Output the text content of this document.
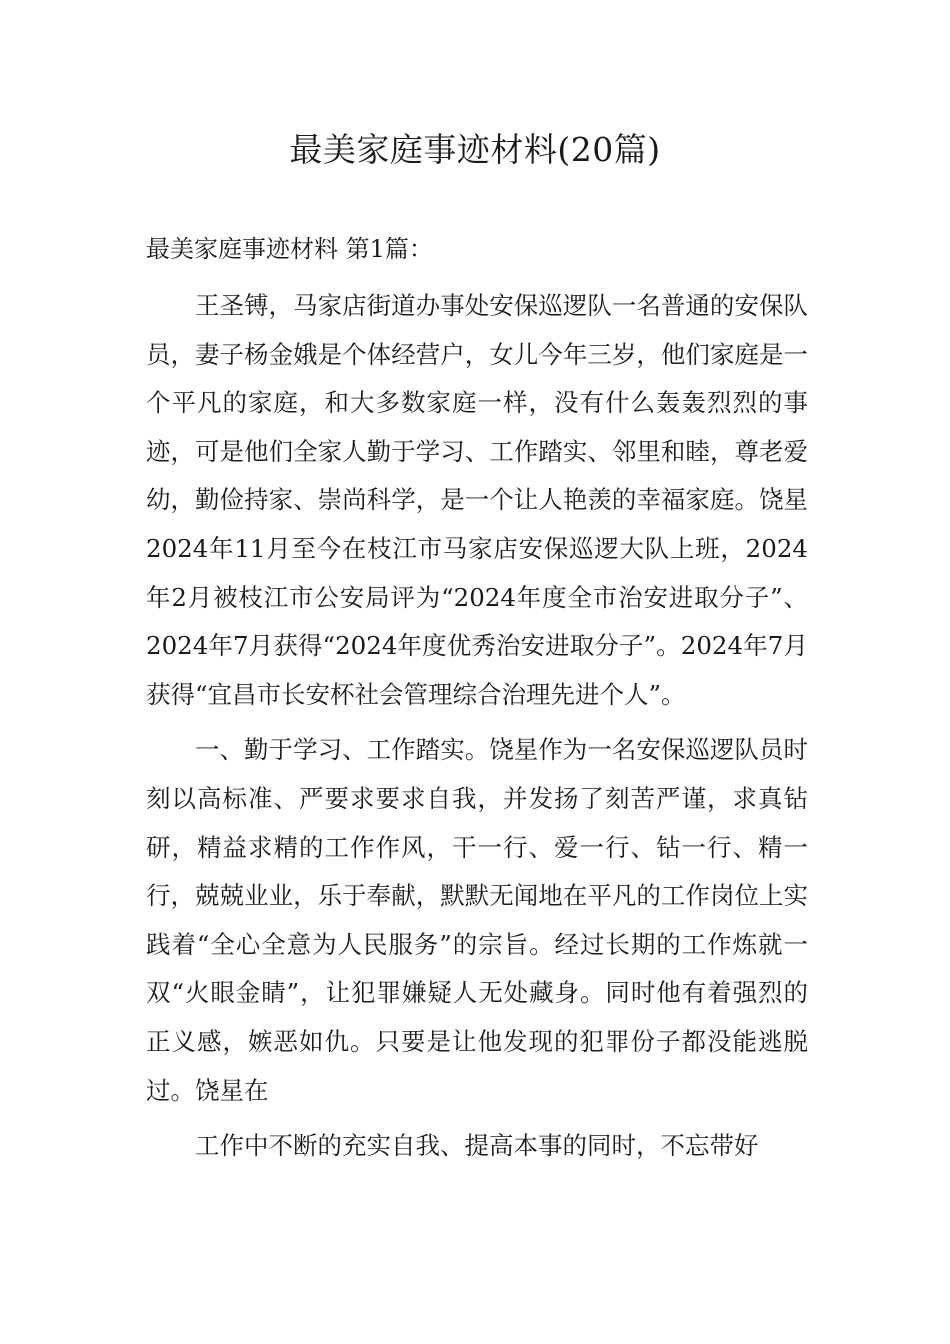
最美家庭事迹材料(20篇)
最美家庭事迹材料 第1篇：

王圣镈，马家店街道办事处安保巡逻队一名普通的安保队员，妻子杨金娥是个体经营户，女儿今年三岁，他们家庭是一个平凡的家庭，和大多数家庭一样，没有什么轰轰烈烈的事迹，可是他们全家人勤于学习、工作踏实、邻里和睦，尊老爱幼，勤俭持家、崇尚科学，是一个让人艳羡的幸福家庭。饶星2024年11月至今在枝江市马家店安保巡逻大队上班，2024年2月被枝江市公安局评为“2024年度全市治安进取分子”、2024年7月获得“2024年度优秀治安进取分子”。2024年7月获得“宜昌市长安杯社会管理综合治理先进个人”。

一、勤于学习、工作踏实。饶星作为一名安保巡逻队员时刻以高标准、严要求要求自我，并发扬了刻苦严谨，求真钻研，精益求精的工作作风，干一行、爱一行、钻一行、精一行，兢兢业业，乐于奉献，默默无闻地在平凡的工作岗位上实践着“全心全意为人民服务”的宗旨。经过长期的工作炼就一双“火眼金睛”，让犯罪嫌疑人无处藏身。同时他有着强烈的正义感，嫉恶如仇。只要是让他发现的犯罪份子都没能逃脱过。饶星在

工作中不断的充实自我、提高本事的同时，不忘带好
